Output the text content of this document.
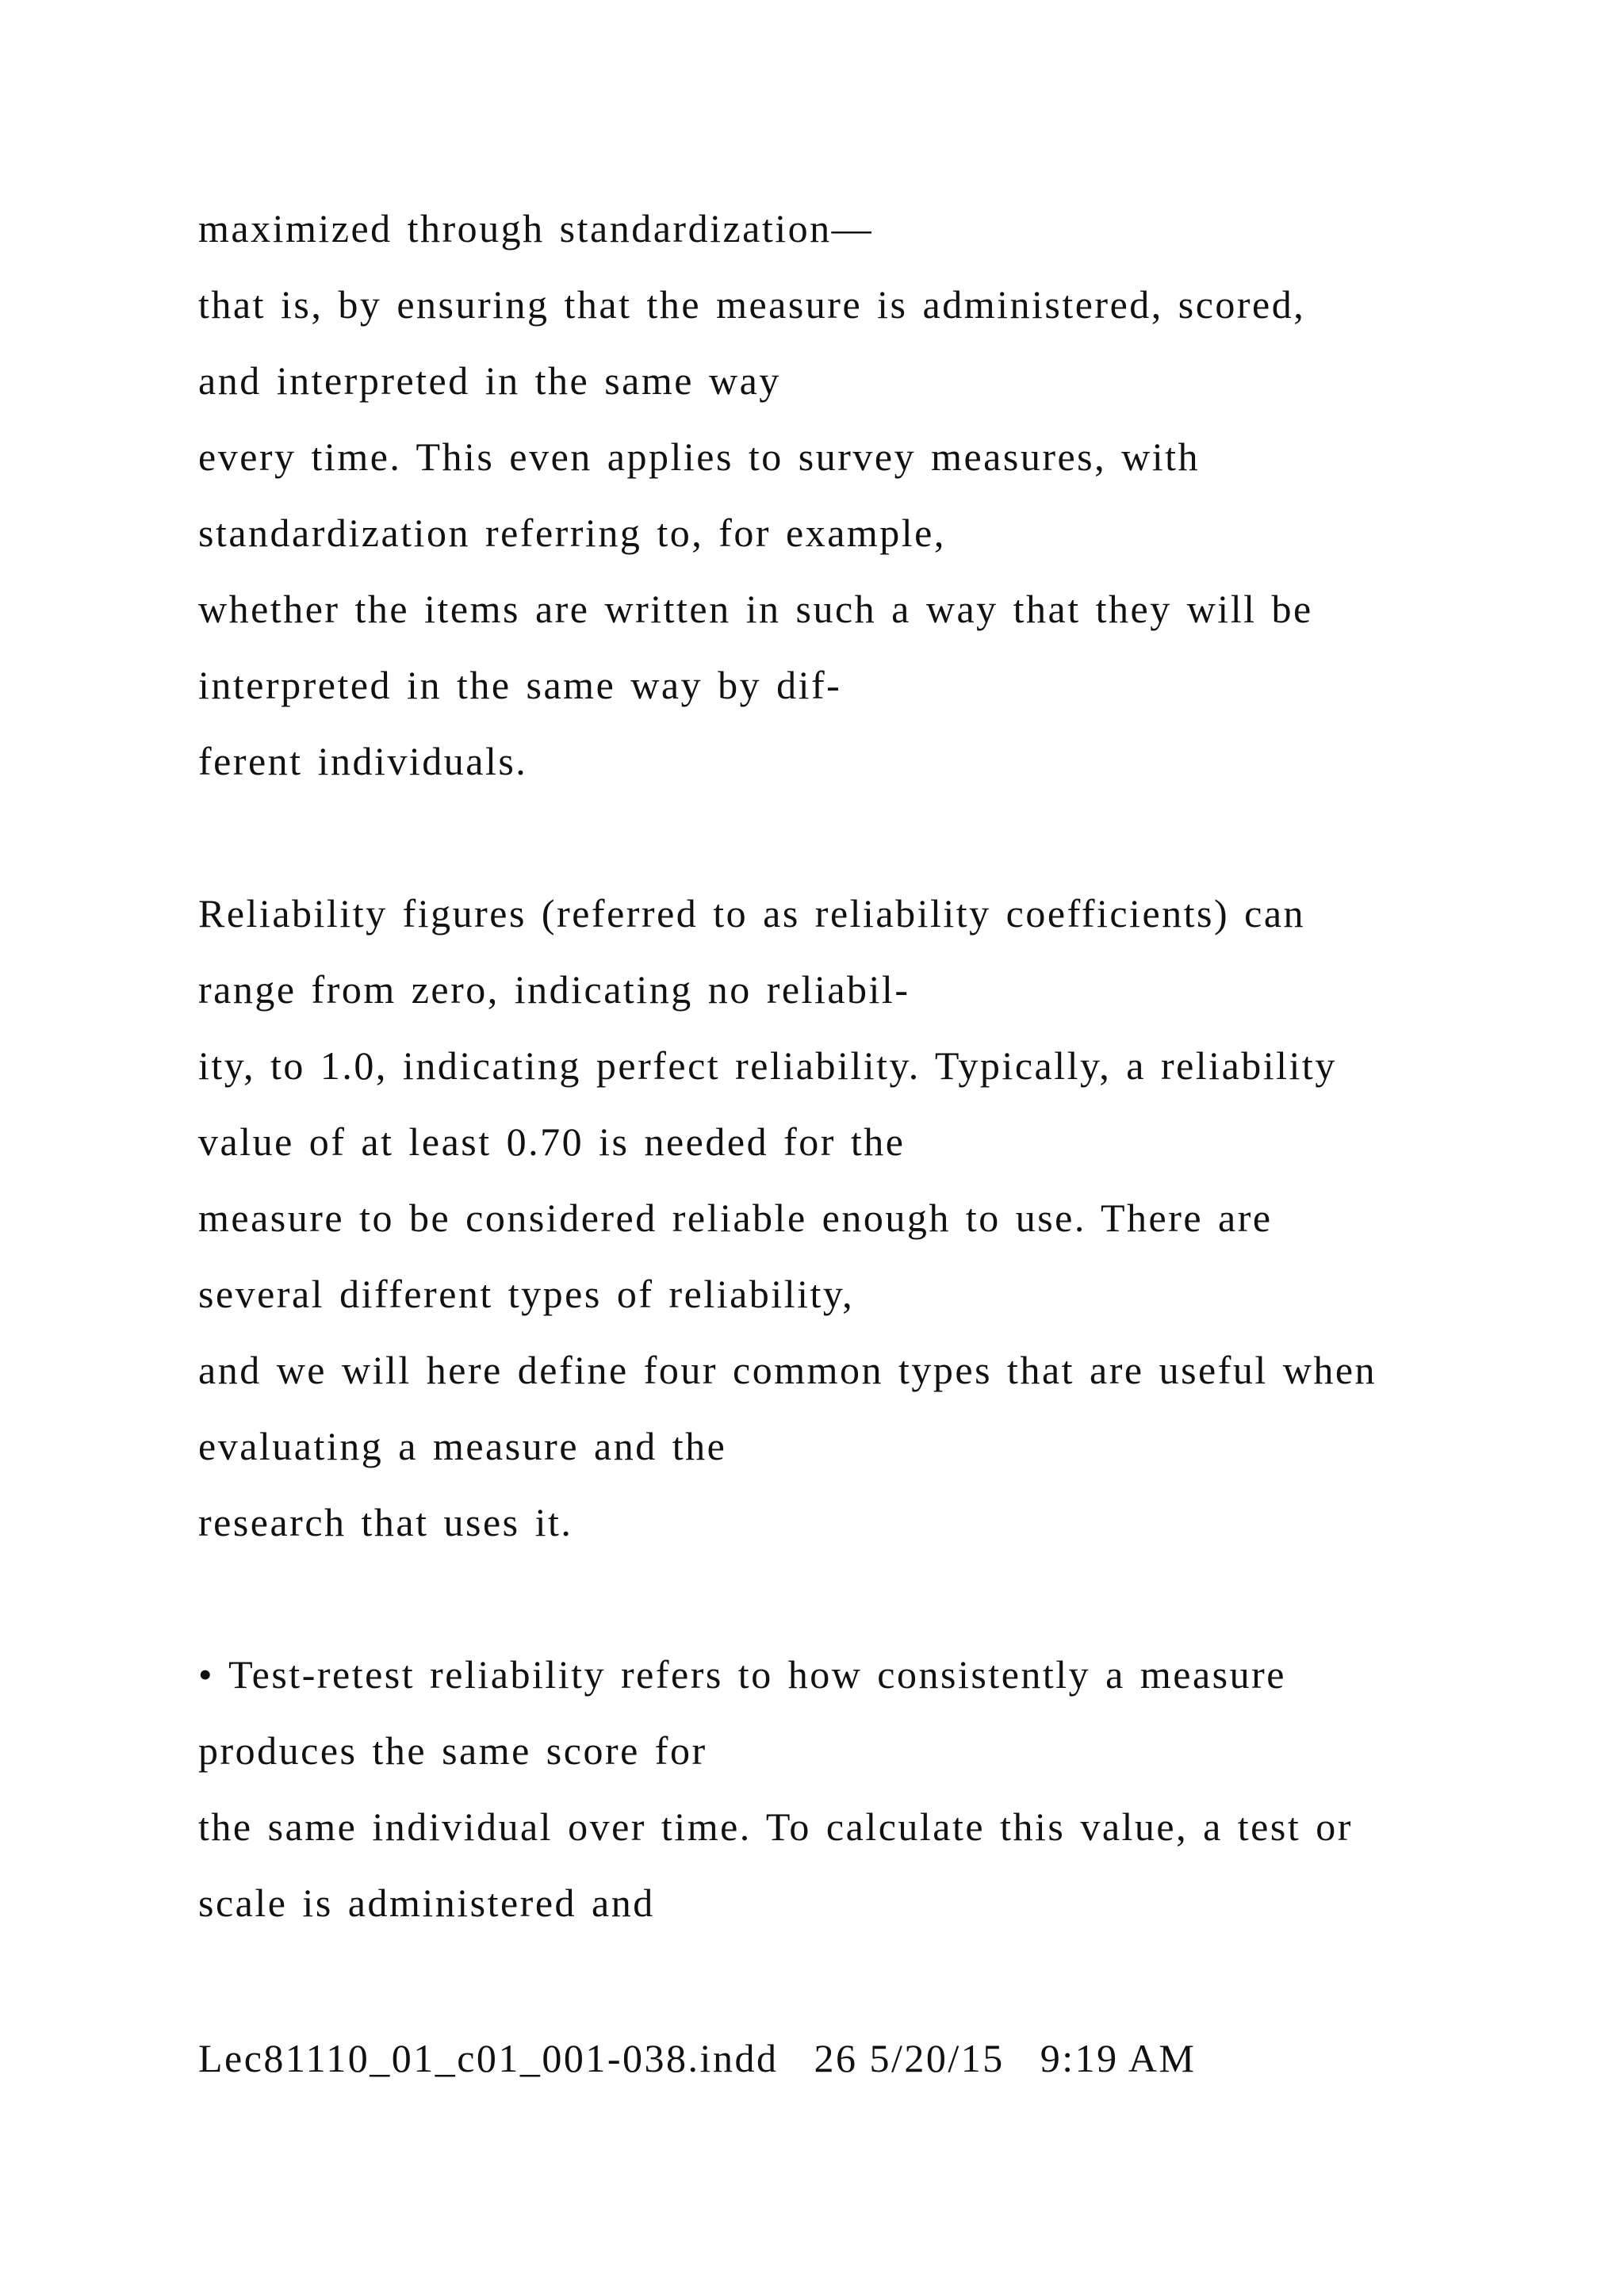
maximized through standardization—
that is, by ensuring that the measure is administered, scored,
and interpreted in the same way
every time. This even applies to survey measures, with
standardization referring to, for example,
whether the items are written in such a way that they will be
interpreted in the same way by dif-
ferent individuals.
Reliability figures (referred to as reliability coefficients) can
range from zero, indicating no reliabil-
ity, to 1.0, indicating perfect reliability. Typically, a reliability
value of at least 0.70 is needed for the
measure to be considered reliable enough to use. There are
several different types of reliability,
and we will here define four common types that are useful when
evaluating a measure and the
research that uses it.
• Test-retest reliability refers to how consistently a measure
produces the same score for
the same individual over time. To calculate this value, a test or
scale is administered and
Lec81110_01_c01_001-038.indd   26 5/20/15   9:19 AM
